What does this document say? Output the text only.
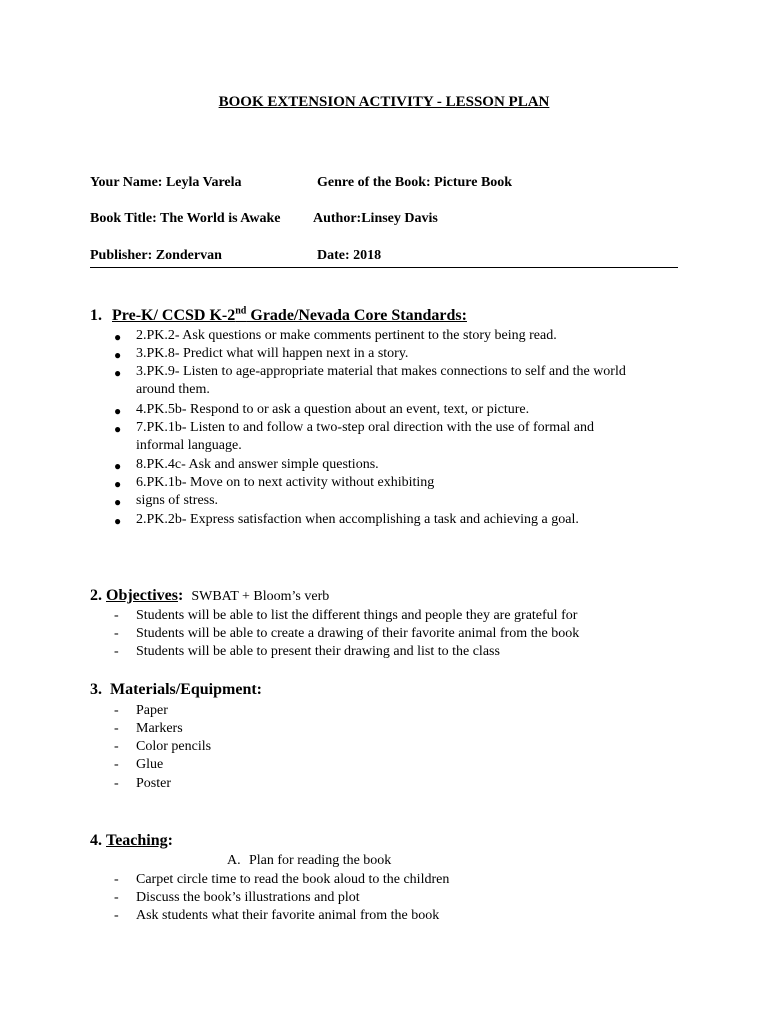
BOOK EXTENSION ACTIVITY - LESSON PLAN
Your Name: Leyla Varela	Genre of the Book: Picture Book
Book Title: The World is Awake Author:Linsey Davis
Publisher: Zondervan	Date: 2018
1. Pre-K/ CCSD K-2nd Grade/Nevada Core Standards:
● 2.PK.2- Ask questions or make comments pertinent to the story being read.
● 3.PK.8- Predict what will happen next in a story.
● 3.PK.9- Listen to age-appropriate material that makes connections to self and the world
around them.
● 4.PK.5b- Respond to or ask a question about an event, text, or picture.
● 7.PK.1b- Listen to and follow a two-step oral direction with the use of formal and
informal language.
● 8.PK.4c- Ask and answer simple questions.
● 6.PK.1b- Move on to next activity without exhibiting
● signs of stress.
● 2.PK.2b- Express satisfaction when accomplishing a task and achieving a goal.
2. Objectives: SWBAT + Bloom’s verb
- Students will be able to list the different things and people they are grateful for
- Students will be able to create a drawing of their favorite animal from the book
- Students will be able to present their drawing and list to the class
3. Materials/Equipment:
- Paper
- Markers
- Color pencils
- Glue
- Poster
4. Teaching:
A. Plan for reading the book
- Carpet circle time to read the book aloud to the children
- Discuss the book’s illustrations and plot
- Ask students what their favorite animal from the book
